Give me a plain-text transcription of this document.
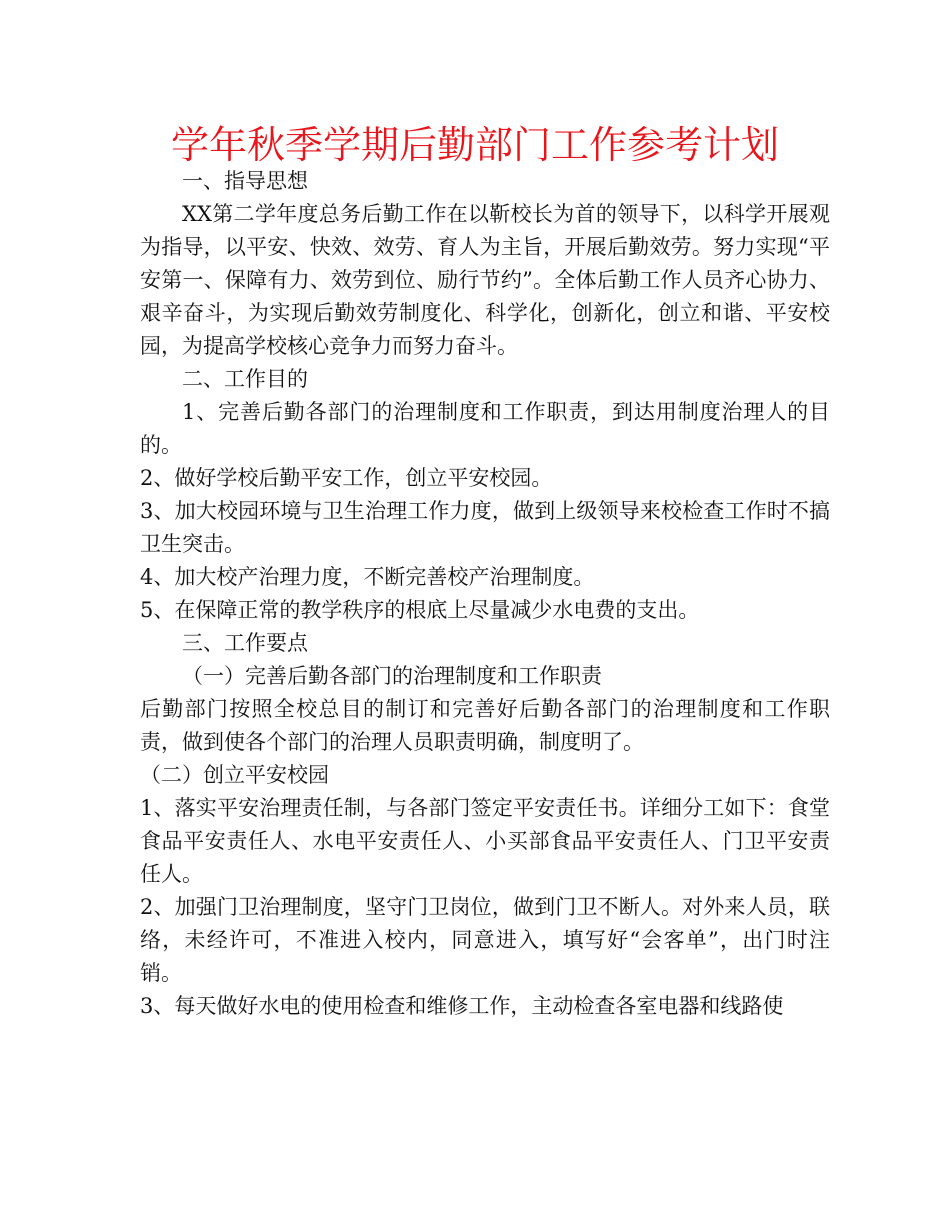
学年秋季学期后勤部门工作参考计划

一、指导思想

XX第二学年度总务后勤工作在以靳校长为首的领导下，以科学开展观为指导，以平安、快效、效劳、育人为主旨，开展后勤效劳。努力实现“平安第一、保障有力、效劳到位、励行节约”。全体后勤工作人员齐心协力、艰辛奋斗，为实现后勤效劳制度化、科学化，创新化，创立和谐、平安校园，为提高学校核心竞争力而努力奋斗。

二、工作目的

1、完善后勤各部门的治理制度和工作职责，到达用制度治理人的目的。

2、做好学校后勤平安工作，创立平安校园。

3、加大校园环境与卫生治理工作力度，做到上级领导来校检查工作时不搞卫生突击。

4、加大校产治理力度，不断完善校产治理制度。

5、在保障正常的教学秩序的根底上尽量减少水电费的支出。

三、工作要点

（一）完善后勤各部门的治理制度和工作职责

后勤部门按照全校总目的制订和完善好后勤各部门的治理制度和工作职责，做到使各个部门的治理人员职责明确，制度明了。

（二）创立平安校园

1、落实平安治理责任制，与各部门签定平安责任书。详细分工如下：食堂食品平安责任人、水电平安责任人、小买部食品平安责任人、门卫平安责任人。

2、加强门卫治理制度，坚守门卫岗位，做到门卫不断人。对外来人员，联络，未经许可，不准进入校内，同意进入，填写好“会客单”，出门时注销。

3、每天做好水电的使用检查和维修工作，主动检查各室电器和线路使
